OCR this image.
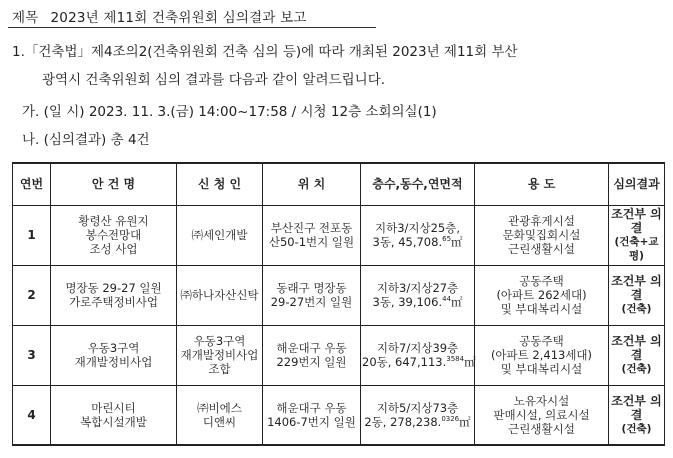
제목 2023년 제11회 건축위원회 심의결과 보고
1.「건축법」제4조의2(건축위원회 건축 심의 등)에 따라 개최된 2023년 제11회 부산
광역시 건축위원회 심의 결과를 다음과 같이 알려드립니다.
가. (일 시) 2023. 11. 3.(금) 14:00~17:58 / 시청 12층 소회의실(1)
나. (심의결과) 총 4건
연번	안 건 명	신 청 인	위 치	층수,동수,연면적	용 도	심의결과
1	황령산 유원지
봉수전망대
조성 사업	㈜세인개발	부산진구 전포동
산50-1번지 일원	지하3/지상25층,
3동, 45,708.65㎡	관광휴게시설
문화및집회시설
근린생활시설	조건부 의결
(건축+교평)

2	명장동 29-27 일원
가로주택정비사업	㈜하나자산신탁	동래구 명장동
29-27번지 일원	지하3/지상27층
3동, 39,106.44㎡	공동주택
(아파트 262세대)
및 부대복리시설	조건부 의결
(건축)

3	우동3구역
재개발정비사업	우동3구역
재개발정비사업
조합	해운대구 우동
229번지 일원	지하7/지상39층
20동, 647,113.$^{3584}$㎡	공동주택
(아파트 2,413세대)
및 부대복리시설	조건부 의결
(건축)

4	마린시티
복합시설개발	㈜비에스
디앤씨	해운대구 우동
1406-7번지 일원	지하5/지상73층
2동, 278,238.$^{0326}$㎡	노유자시설
판매시설, 의료시설
근린생활시설	조건부 의결
(건축)
